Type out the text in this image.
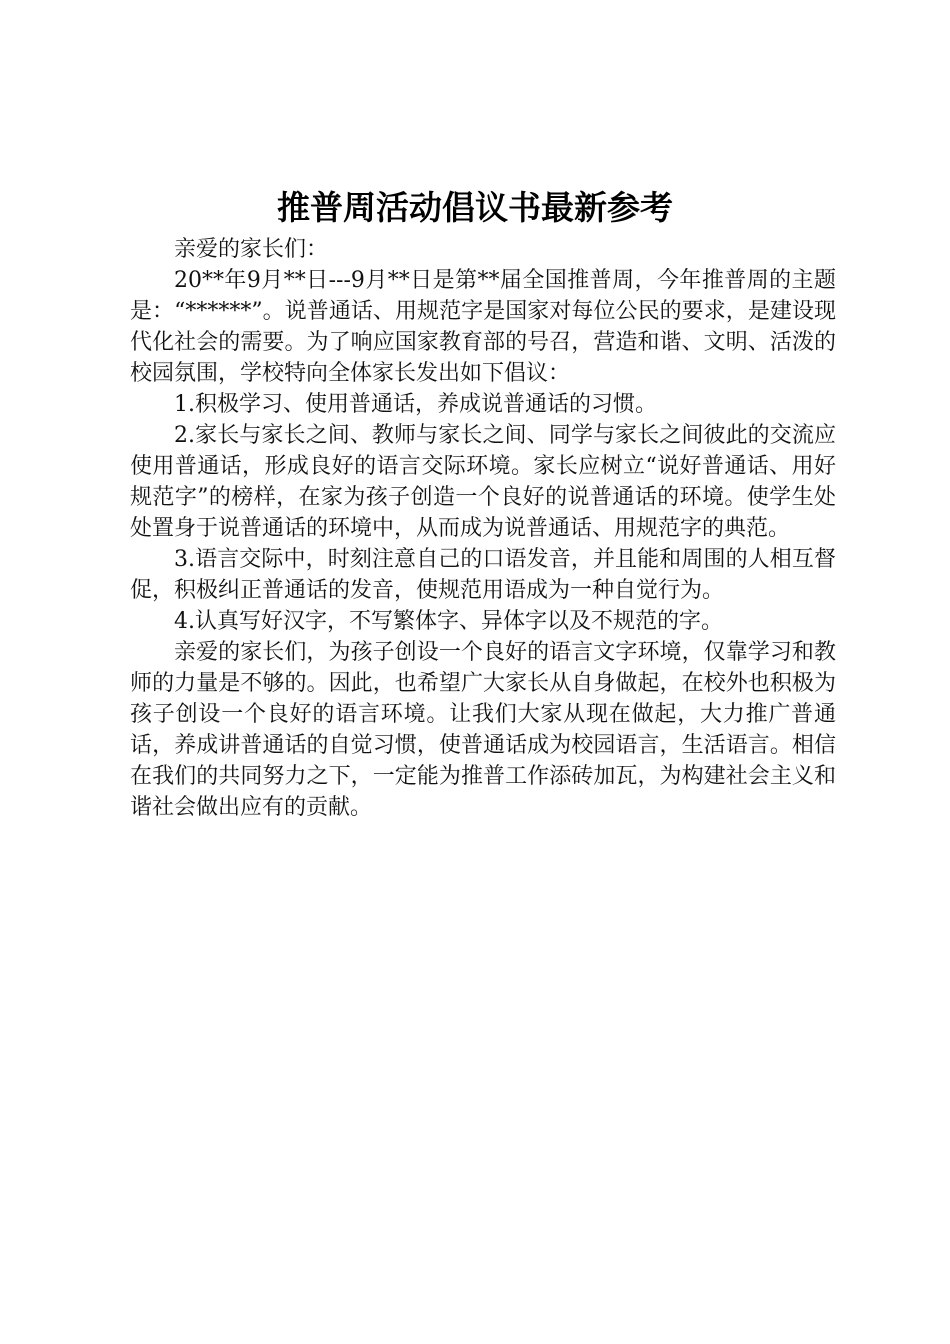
推普周活动倡议书最新参考

亲爱的家长们：

20**年9月**日---9月**日是第**届全国推普周，今年推普周的主题是：“******”。说普通话、用规范字是国家对每位公民的要求，是建设现代化社会的需要。为了响应国家教育部的号召，营造和谐、文明、活泼的校园氛围，学校特向全体家长发出如下倡议：

1.积极学习、使用普通话，养成说普通话的习惯。

2.家长与家长之间、教师与家长之间、同学与家长之间彼此的交流应使用普通话，形成良好的语言交际环境。家长应树立“说好普通话、用好规范字”的榜样，在家为孩子创造一个良好的说普通话的环境。使学生处处置身于说普通话的环境中，从而成为说普通话、用规范字的典范。

3.语言交际中，时刻注意自己的口语发音，并且能和周围的人相互督促，积极纠正普通话的发音，使规范用语成为一种自觉行为。

4.认真写好汉字，不写繁体字、异体字以及不规范的字。

亲爱的家长们，为孩子创设一个良好的语言文字环境，仅靠学习和教师的力量是不够的。因此，也希望广大家长从自身做起，在校外也积极为孩子创设一个良好的语言环境。让我们大家从现在做起，大力推广普通话，养成讲普通话的自觉习惯，使普通话成为校园语言，生活语言。相信在我们的共同努力之下，一定能为推普工作添砖加瓦，为构建社会主义和谐社会做出应有的贡献。
